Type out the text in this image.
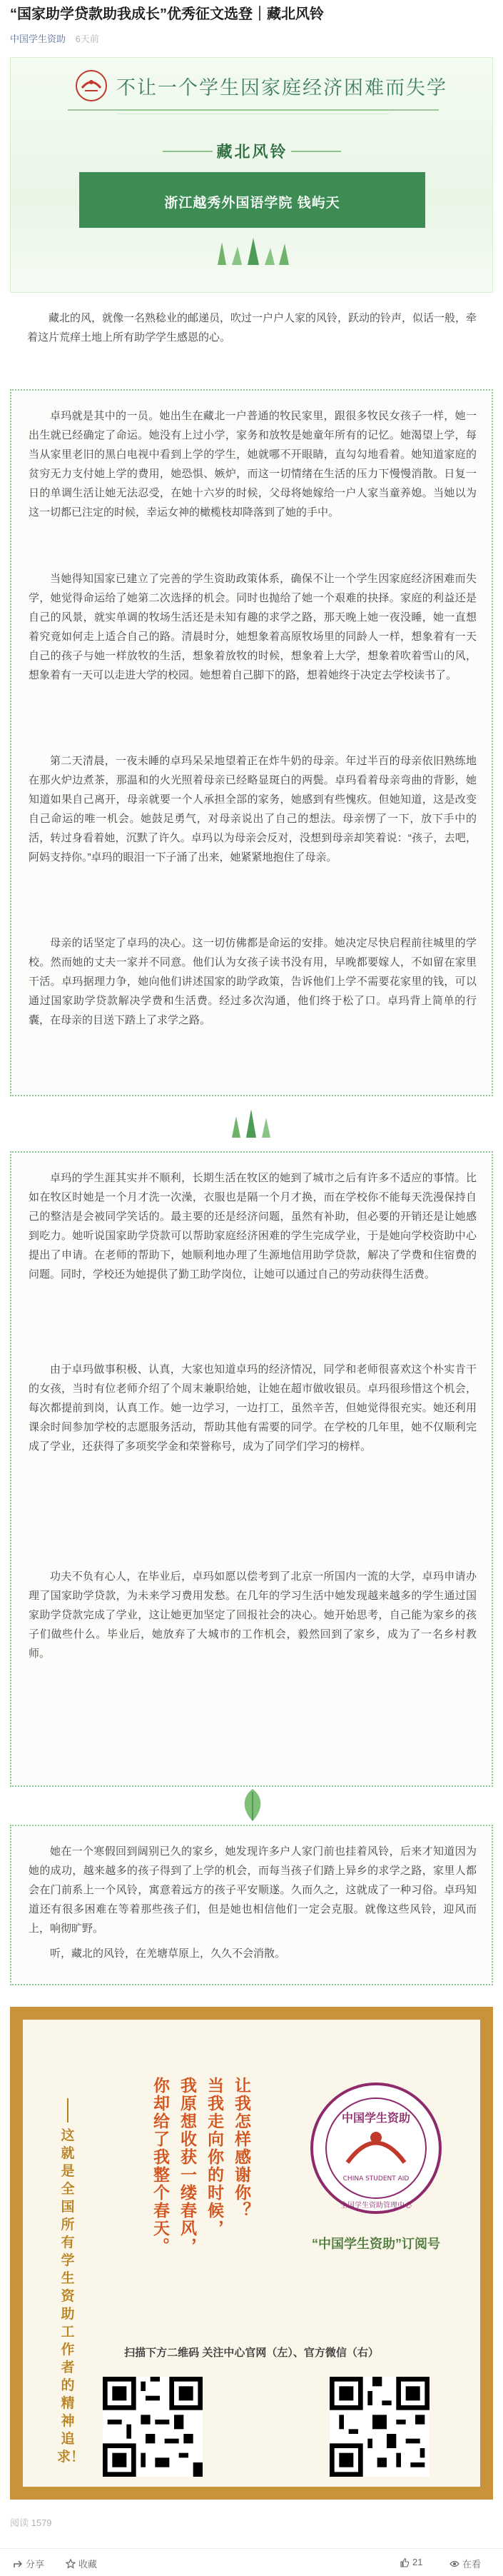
“国家助学贷款助我成长”优秀征文选登｜藏北风铃
中国学生资助 6天前
不让一个学生因家庭经济困难而失学
藏北风铃
浙江越秀外国语学院 钱屿天
藏北的风，就像一名熟稔业的邮递员，吹过一户户人家的风铃，跃动的铃声，似话一般，牵着这片荒痒土地上所有助学学生感恩的心。
卓玛就是其中的一员。她出生在藏北一户普通的牧民家里，跟很多牧民女孩子一样，她一出生就已经确定了命运。她没有上过小学，家务和放牧是她童年所有的记忆。她渴望上学，每当从家里老旧的黑白电视中看到上学的学生，她就哪不开眼睛，直勾勾地看着。她知道家庭的贫穷无力支付她上学的费用，她恐惧、嫉炉，而这一切情绪在生活的压力下慢慢消散。日复一日的单调生活让她无法忍受，在她十六岁的时候，父母将她嫁给一户人家当童养媳。当她以为这一切都已注定的时候，幸运女神的橄榄枝却降落到了她的手中。
当她得知国家已建立了完善的学生资助政策体系，确保不让一个学生因家庭经济困难而失学，她觉得命运给了她第二次选择的机会。同时也抛给了她一个艰难的抉择。家庭的利益还是自己的风景，就实单调的牧场生活还是未知有趣的求学之路，那天晚上她一夜没睡，她一直想着究竟如何走上适合自己的路。清晨时分，她想象着高原牧场里的同龄人一样，想象着有一天自己的孩子与她一样放牧的生活，想象着放牧的时候，想象着上大学，想象着吹着雪山的风，想象着有一天可以走进大学的校园。她想着自己脚下的路，想着她终于决定去学校读书了。
第二天清晨，一夜未睡的卓玛呆呆地望着正在炸牛奶的母亲。年过半百的母亲依旧熟练地在那火炉边煮茶，那温和的火光照着母亲已经略显斑白的两鬓。卓玛看着母亲弯曲的背影，她知道如果自己离开，母亲就要一个人承担全部的家务，她感到有些愧疚。但她知道，这是改变自己命运的唯一机会。她鼓足勇气，对母亲说出了自己的想法。母亲愣了一下，放下手中的活，转过身看着她，沉默了许久。卓玛以为母亲会反对，没想到母亲却笑着说：“孩子，去吧，阿妈支持你。”卓玛的眼泪一下子涌了出来，她紧紧地抱住了母亲。
母亲的话坚定了卓玛的决心。这一切仿佛都是命运的安排。她决定尽快启程前往城里的学校。然而她的丈夫一家并不同意。他们认为女孩子读书没有用，早晚都要嫁人，不如留在家里干活。卓玛据理力争，她向他们讲述国家的助学政策，告诉他们上学不需要花家里的钱，可以通过国家助学贷款解决学费和生活费。经过多次沟通，他们终于松了口。卓玛背上简单的行囊，在母亲的目送下踏上了求学之路。
卓玛的学生涯其实并不顺利，长期生活在牧区的她到了城市之后有许多不适应的事情。比如在牧区时她是一个月才洗一次澡，衣服也是隔一个月才换，而在学校你不能每天洗漫保持自己的整洁是会被同学笑话的。最主要的还是经济问题，虽然有补助，但必要的开销还是让她感到吃力。她听说国家助学贷款可以帮助家庭经济困难的学生完成学业，于是她向学校资助中心提出了申请。在老师的帮助下，她顺利地办理了生源地信用助学贷款，解决了学费和住宿费的问题。同时，学校还为她提供了勤工助学岗位，让她可以通过自己的劳动获得生活费。
由于卓玛做事积极、认真，大家也知道卓玛的经济情况，同学和老师很喜欢这个朴实肯干的女孩，当时有位老师介绍了个周末兼职给她，让她在超市做收银员。卓玛很珍惜这个机会，每次都提前到岗，认真工作。她一边学习，一边打工，虽然辛苦，但她觉得很充实。她还利用课余时间参加学校的志愿服务活动，帮助其他有需要的同学。在学校的几年里，她不仅顺利完成了学业，还获得了多项奖学金和荣誉称号，成为了同学们学习的榜样。
功夫不负有心人，在毕业后，卓玛如愿以偿考到了北京一所国内一流的大学，卓玛申请办理了国家助学贷款，为未来学习费用发愁。在几年的学习生活中她发现越来越多的学生通过国家助学贷款完成了学业，这让她更加坚定了回报社会的决心。她开始思考，自己能为家乡的孩子们做些什么。毕业后，她放弃了大城市的工作机会，毅然回到了家乡，成为了一名乡村教师。
她在一个寒假回到阔别已久的家乡，她发现许多户人家门前也挂着风铃，后来才知道因为她的成功，越来越多的孩子得到了上学的机会，而每当孩子们踏上异乡的求学之路，家里人都会在门前系上一个风铃，寓意着远方的孩子平安顺遂。久而久之，这就成了一种习俗。卓玛知道还有很多困难在等着那些孩子们，但是她也相信他们一定会克服。就像这些风铃，迎风而上，响彻旷野。
听，藏北的风铃，在羌塘草原上，久久不会消散。
这就是全国所有学生资助工作者的精神追求！
让我怎样感谢你？
当我走向你的时候，
我原想收获一缕春风，
你却给了我整个春天。	中国学生资助
CHINA STUDENT AID
全国学生资助管理中心
“中国学生资助”订阅号
扫描下方二维码 关注中心官网（左）、官方微信（右）
阅读 1579
分享	收藏	21	在看
